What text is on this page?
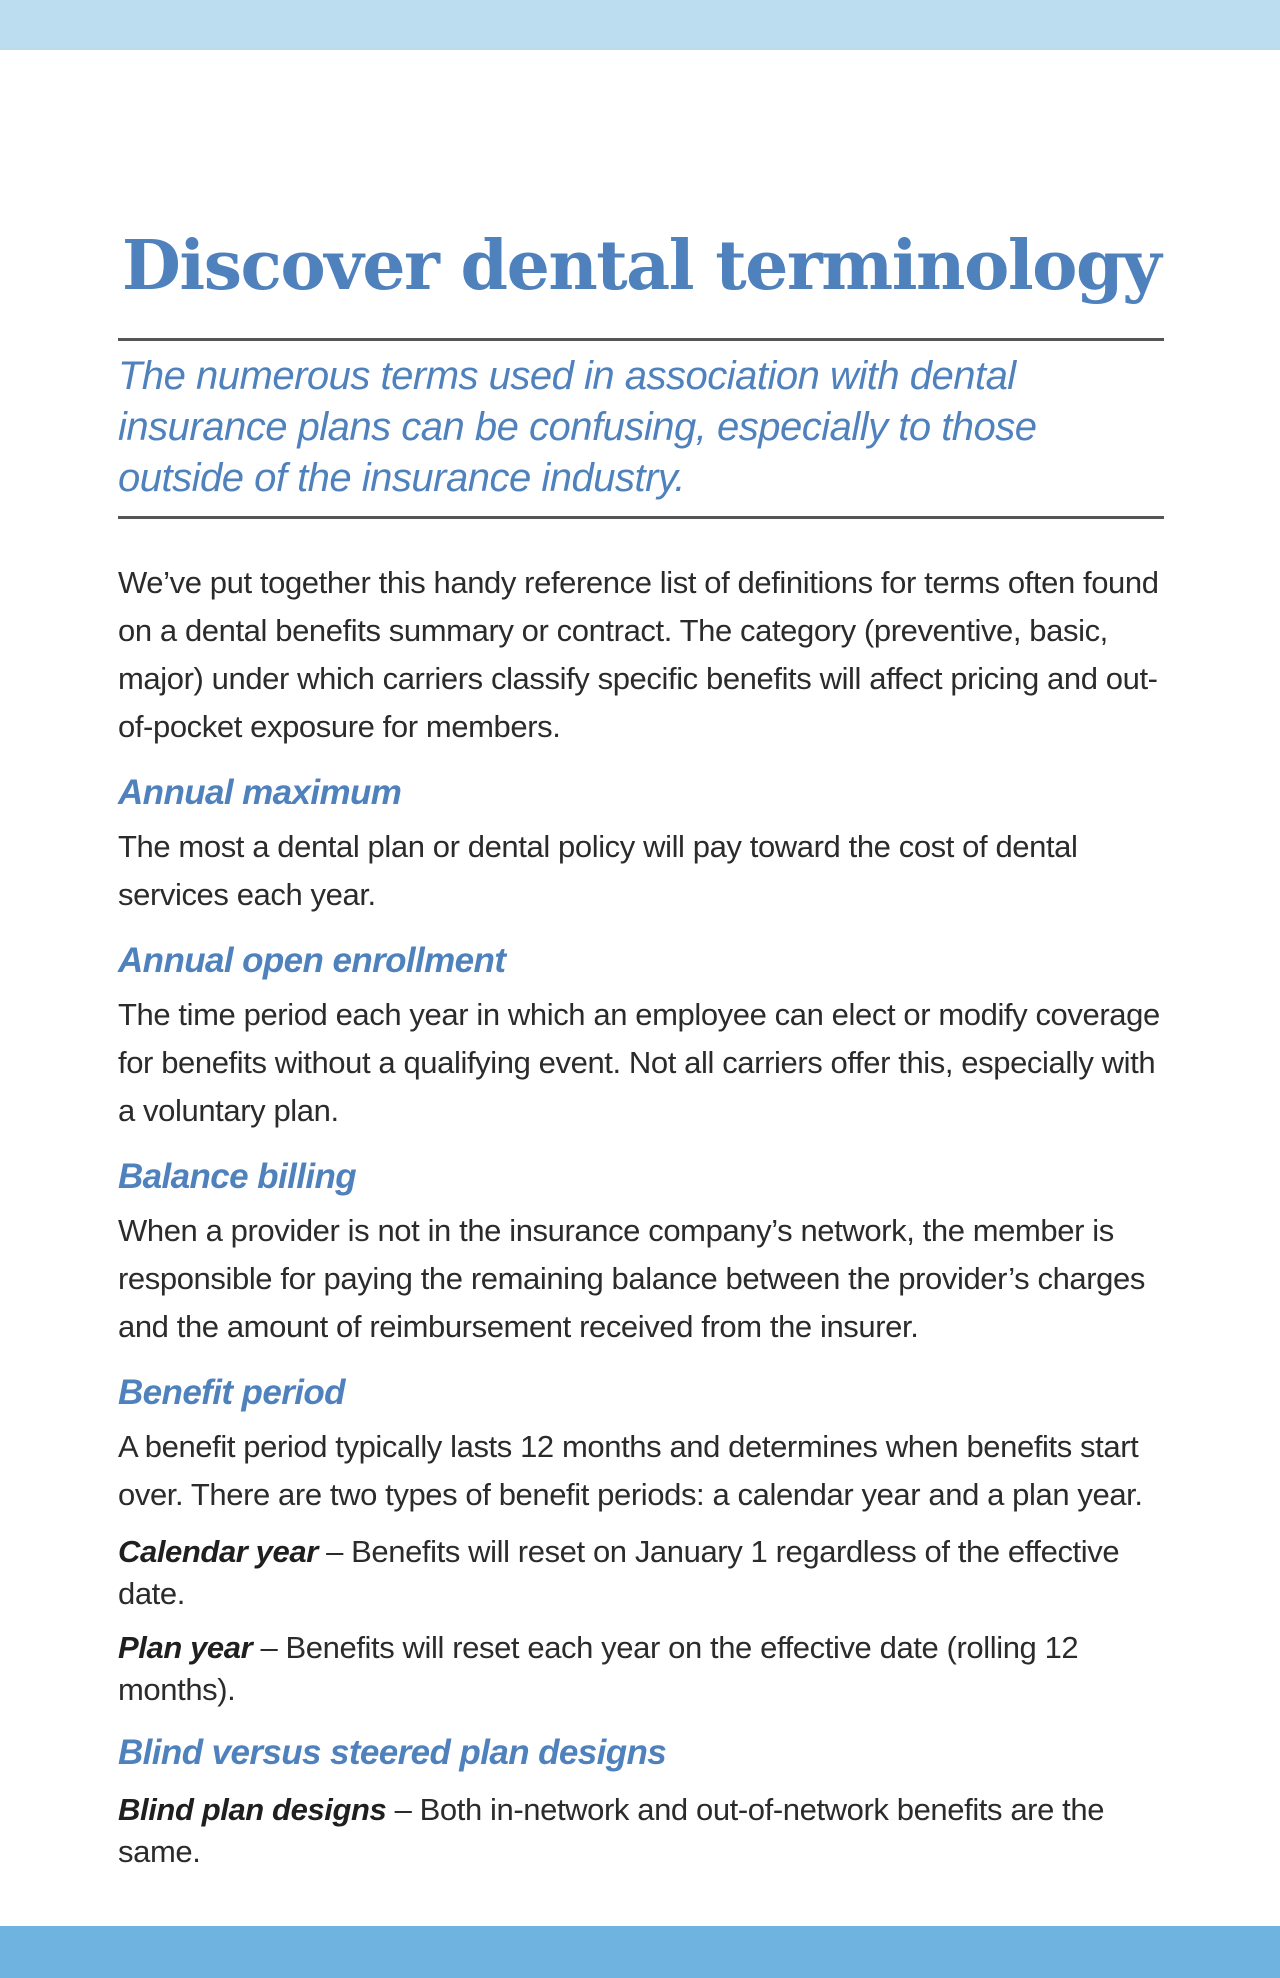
Discover dental terminology

The numerous terms used in association with dental insurance plans can be confusing, especially to those outside of the insurance industry.

We’ve put together this handy reference list of definitions for terms often found on a dental benefits summary or contract. The category (preventive, basic, major) under which carriers classify specific benefits will affect pricing and out-of-pocket exposure for members.

Annual maximum

The most a dental plan or dental policy will pay toward the cost of dental services each year.

Annual open enrollment

The time period each year in which an employee can elect or modify coverage for benefits without a qualifying event. Not all carriers offer this, especially with a voluntary plan.

Balance billing

When a provider is not in the insurance company’s network, the member is responsible for paying the remaining balance between the provider’s charges and the amount of reimbursement received from the insurer.

Benefit period

A benefit period typically lasts 12 months and determines when benefits start over. There are two types of benefit periods: a calendar year and a plan year.

Calendar year – Benefits will reset on January 1 regardless of the effective date.

Plan year – Benefits will reset each year on the effective date (rolling 12 months).

Blind versus steered plan designs

Blind plan designs – Both in-network and out-of-network benefits are the same.
